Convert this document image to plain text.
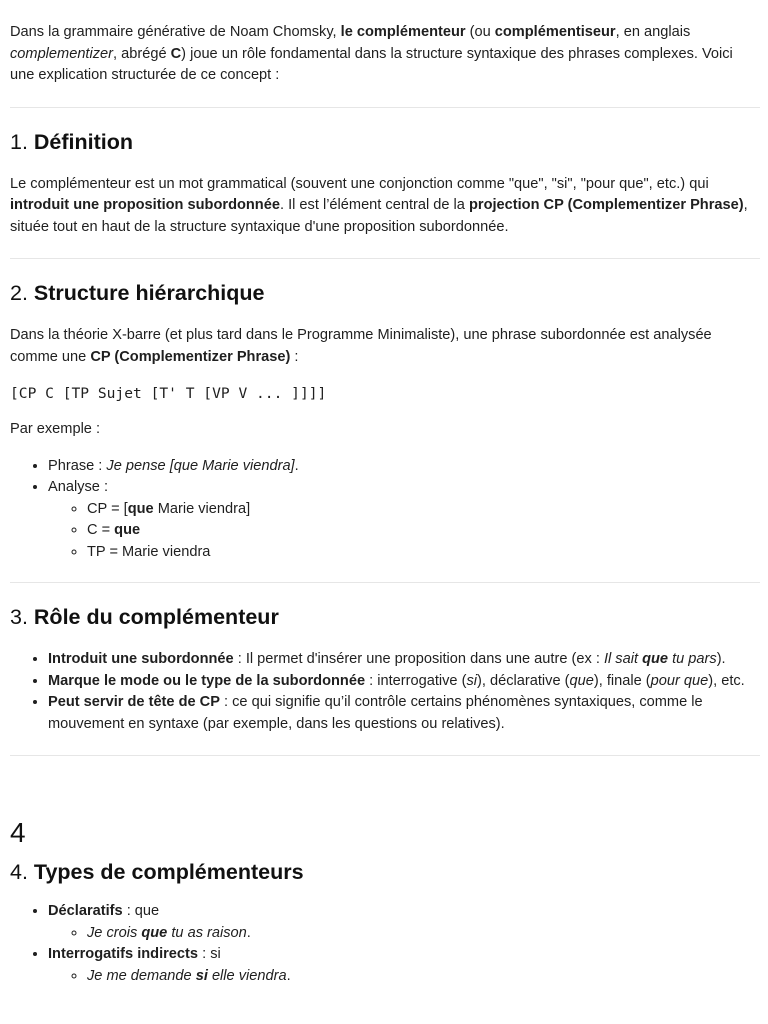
Dans la grammaire générative de Noam Chomsky, le complémenteur (ou complémentiseur, en anglais complementizer, abrégé C) joue un rôle fondamental dans la structure syntaxique des phrases complexes. Voici une explication structurée de ce concept :

1. Définition

Le complémenteur est un mot grammatical (souvent une conjonction comme "que", "si", "pour que", etc.) qui introduit une proposition subordonnée. Il est l’élément central de la projection CP (Complementizer Phrase), située tout en haut de la structure syntaxique d'une proposition subordonnée.

2. Structure hiérarchique

Dans la théorie X-barre (et plus tard dans le Programme Minimaliste), une phrase subordonnée est analysée comme une CP (Complementizer Phrase) :

[CP C [TP Sujet [T' T [VP V ... ]]]]

Par exemple :

• Phrase : Je pense [que Marie viendra].
• Analyse :
◦ CP = [que Marie viendra]
◦ C = que
◦ TP = Marie viendra
3. Rôle du complémenteur
• Introduit une subordonnée : Il permet d'insérer une proposition dans une autre (ex : Il sait que tu pars).
• Marque le mode ou le type de la subordonnée : interrogative (si), déclarative (que), finale (pour que), etc.
• Peut servir de tête de CP : ce qui signifie qu’il contrôle certains phénomènes syntaxiques, comme le mouvement en syntaxe (par exemple, dans les questions ou relatives).
4
4. Types de complémenteurs
• Déclaratifs : que
◦ Je crois que tu as raison.
• Interrogatifs indirects : si
◦ Je me demande si elle viendra.
